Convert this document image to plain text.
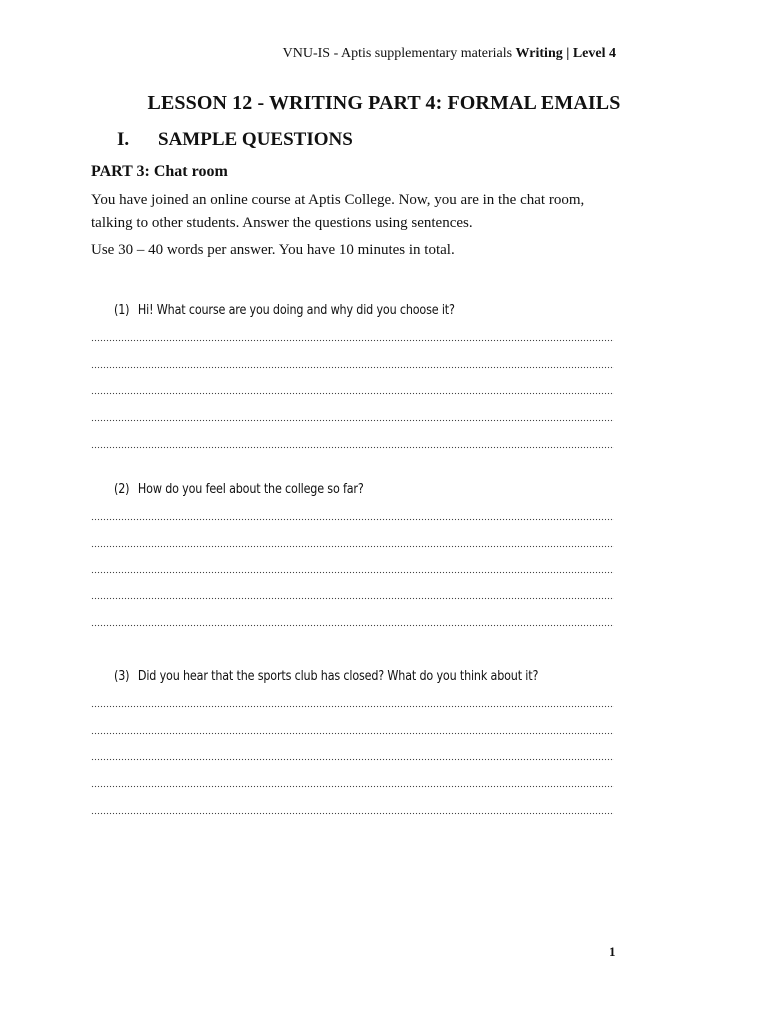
VNU-IS - Aptis supplementary materials Writing | Level 4
LESSON 12 - WRITING PART 4: FORMAL EMAILS
I. SAMPLE QUESTIONS
PART 3: Chat room
You have joined an online course at Aptis College. Now, you are in the chat room, talking to other students. Answer the questions using sentences.
Use 30 – 40 words per answer. You have 10 minutes in total.
(1) Hi! What course are you doing and why did you choose it?
(2) How do you feel about the college so far?
(3) Did you hear that the sports club has closed? What do you think about it?
1
